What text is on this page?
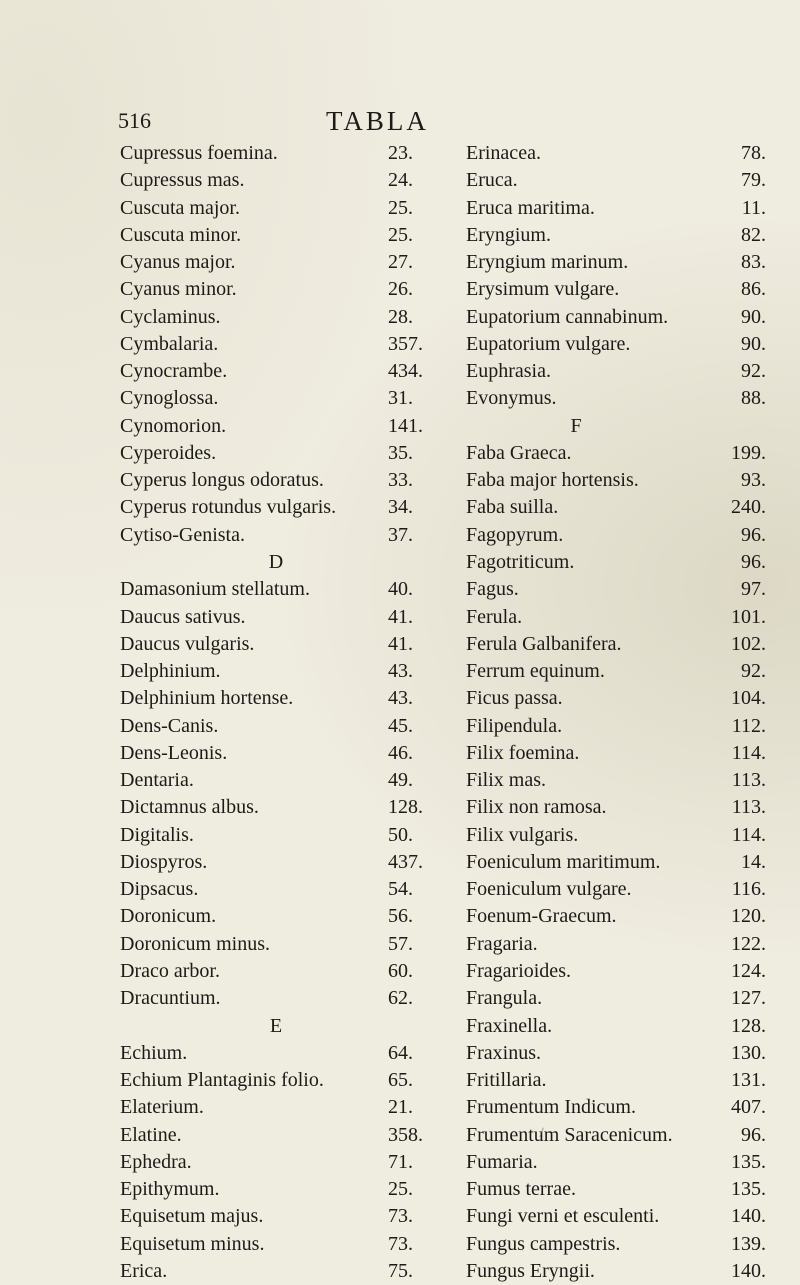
516	TABLA
Cupressus foemina.	23.
Cupressus mas.	24.
Cuscuta major.	25.
Cuscuta minor.	25.
Cyanus major.	27.
Cyanus minor.	26.
Cyclaminus.	28.
Cymbalaria.	357.
Cynocrambe.	434.
Cynoglossa.	31.
Cynomorion.	141.
Cyperoides.	35.
Cyperus longus odoratus.	33.
Cyperus rotundus vulgaris.	34.
Cytiso-Genista.	37.
D
Damasonium stellatum.	40.
Daucus sativus.	41.
Daucus vulgaris.	41.
Delphinium.	43.
Delphinium hortense.	43.
Dens-Canis.	45.
Dens-Leonis.	46.
Dentaria.	49.
Dictamnus albus.	128.
Digitalis.	50.
Diospyros.	437.
Dipsacus.	54.
Doronicum.	56.
Doronicum minus.	57.
Draco arbor.	60.
Dracuntium.	62.
E
Echium.	64.
Echium Plantaginis folio.	65.
Elaterium.	21.
Elatine.	358.
Ephedra.	71.
Epithymum.	25.
Equisetum majus.	73.
Equisetum minus.	73.
Erica.	75.
Erinacea.	78.
Eruca.	79.
Eruca maritima.	11.
Eryngium.	82.
Eryngium marinum.	83.
Erysimum vulgare.	86.
Eupatorium cannabinum.	90.
Eupatorium vulgare.	90.
Euphrasia.	92.
Evonymus.	88.
F
Faba Graeca.	199.
Faba major hortensis.	93.
Faba suilla.	240.
Fagopyrum.	96.
Fagotriticum.	96.
Fagus.	97.
Ferula.	101.
Ferula Galbanifera.	102.
Ferrum equinum.	92.
Ficus passa.	104.
Filipendula.	112.
Filix foemina.	114.
Filix mas.	113.
Filix non ramosa.	113.
Filix vulgaris.	114.
Foeniculum maritimum.	14.
Foeniculum vulgare.	116.
Foenum-Graecum.	120.
Fragaria.	122.
Fragarioides.	124.
Frangula.	127.
Fraxinella.	128.
Fraxinus.	130.
Fritillaria.	131.
Frumentum Indicum.	407.
Frumentum Saracenicum.	96.
Fumaria.	135.
Fumus terrae.	135.
Fungi verni et esculenti.	140.
Fungus campestris.	139.
Fungus Eryngii.	140.
